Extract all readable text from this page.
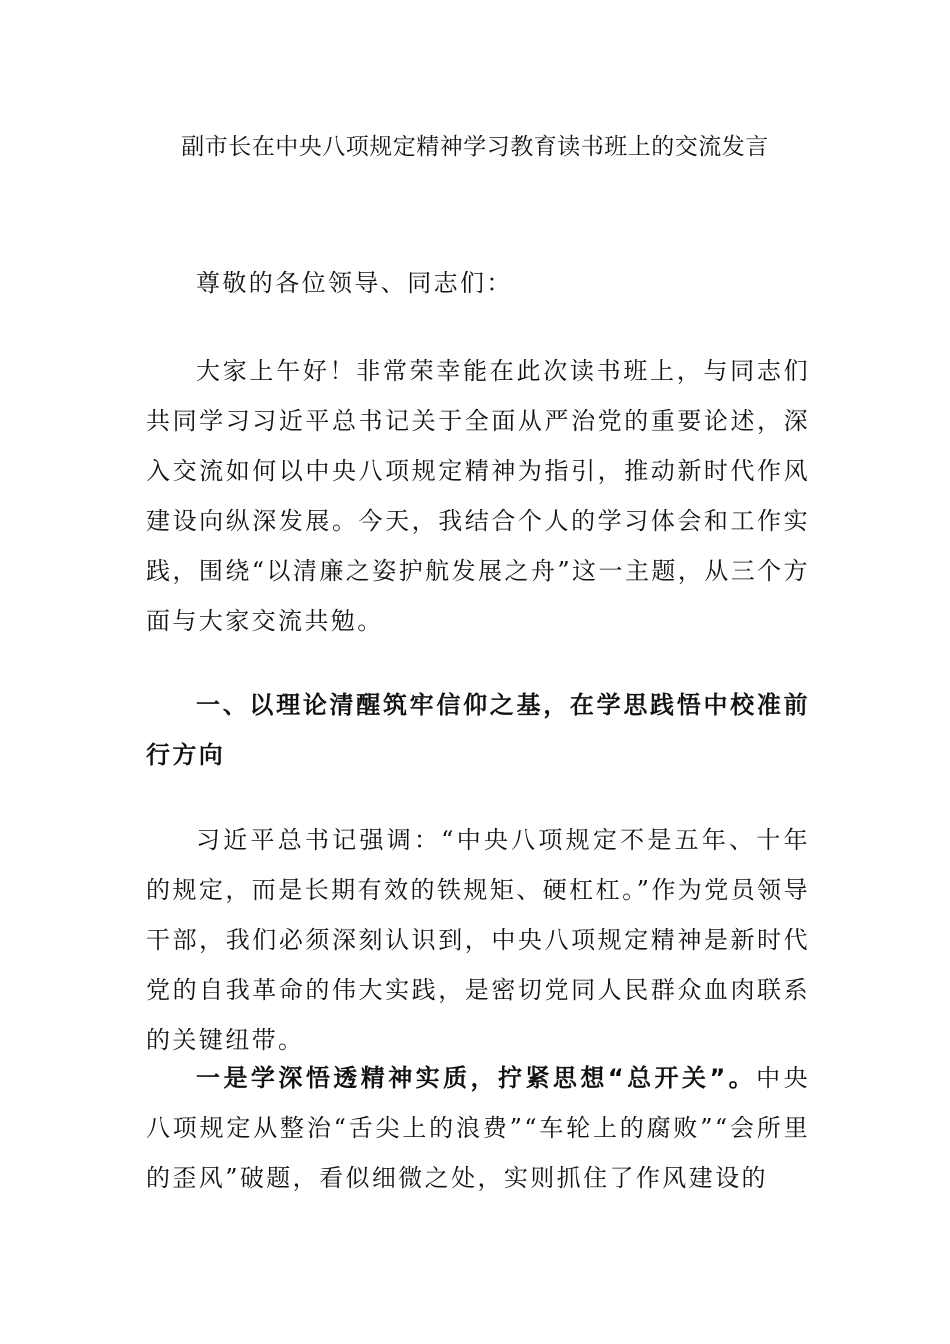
副市长在中央八项规定精神学习教育读书班上的交流发言

尊敬的各位领导、同志们：

大家上午好！非常荣幸能在此次读书班上，与同志们共同学习习近平总书记关于全面从严治党的重要论述，深入交流如何以中央八项规定精神为指引，推动新时代作风建设向纵深发展。今天，我结合个人的学习体会和工作实践，围绕“以清廉之姿护航发展之舟”这一主题，从三个方面与大家交流共勉。

一、以理论清醒筑牢信仰之基，在学思践悟中校准前行方向

习近平总书记强调：“中央八项规定不是五年、十年的规定，而是长期有效的铁规矩、硬杠杠。”作为党员领导干部，我们必须深刻认识到，中央八项规定精神是新时代党的自我革命的伟大实践，是密切党同人民群众血肉联系的关键纽带。

一是学深悟透精神实质，拧紧思想“总开关”。中央八项规定从整治“舌尖上的浪费”“车轮上的腐败”“会所里的歪风”破题，看似细微之处，实则抓住了作风建设的
